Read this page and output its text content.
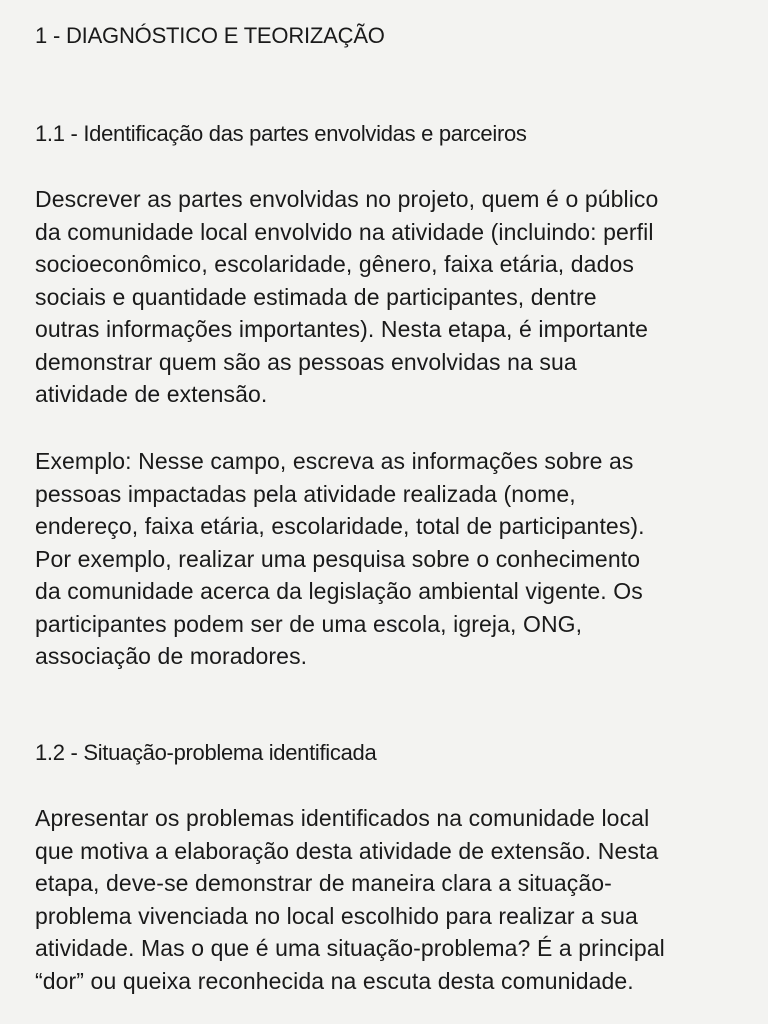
1 - DIAGNÓSTICO E TEORIZAÇÃO
1.1 - Identificação das partes envolvidas e parceiros
Descrever as partes envolvidas no projeto, quem é o público
da comunidade local envolvido na atividade (incluindo: perfil
socioeconômico, escolaridade, gênero, faixa etária, dados
sociais e quantidade estimada de participantes, dentre
outras informações importantes). Nesta etapa, é importante
demonstrar quem são as pessoas envolvidas na sua
atividade de extensão.
Exemplo: Nesse campo, escreva as informações sobre as
pessoas impactadas pela atividade realizada (nome,
endereço, faixa etária, escolaridade, total de participantes).
Por exemplo, realizar uma pesquisa sobre o conhecimento
da comunidade acerca da legislação ambiental vigente. Os
participantes podem ser de uma escola, igreja, ONG,
associação de moradores.
1.2 - Situação-problema identificada
Apresentar os problemas identificados na comunidade local
que motiva a elaboração desta atividade de extensão. Nesta
etapa, deve-se demonstrar de maneira clara a situação-
problema vivenciada no local escolhido para realizar a sua
atividade. Mas o que é uma situação-problema? É a principal
“dor” ou queixa reconhecida na escuta desta comunidade.
